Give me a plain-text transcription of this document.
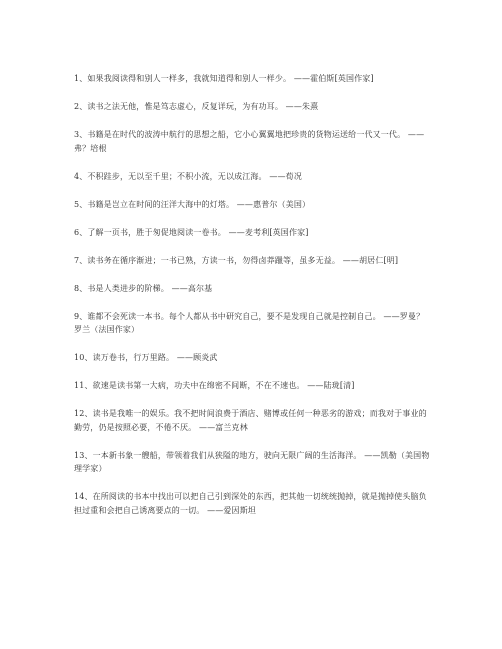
1、如果我阅读得和别人一样多，我就知道得和别人一样少。 ——霍伯斯[英国作家]

2、读书之法无他，惟是笃志虚心，反复详玩，为有功耳。 ——朱熹

3、书籍是在时代的波涛中航行的思想之船，它小心翼翼地把珍贵的货物运送给一代又一代。 ——弗？培根

4、不积跬步，无以至千里；不积小流，无以成江海。 ——荀况

5、书籍是岂立在时间的汪洋大海中的灯塔。 ——惠普尔（美国）

6、了解一页书，胜于匆促地阅读一卷书。 ——麦考利[英国作家]

7、读书务在循序渐进；一书已熟，方读一书，勿得卤莽躐等，虽多无益。 ——胡居仁[明]

8、书是人类进步的阶梯。 ——高尔基

9、谁都不会死读一本书。每个人都从书中研究自己，要不是发现自己就是控制自己。 ——罗曼？罗兰（法国作家）

10、读万卷书，行万里路。 ——顾炎武

11、欲速是读书第一大病，功夫中在绵密不间断，不在不速也。 ——陆珑[清]

12、读书是我唯一的娱乐。我不把时间浪费于酒店、赌博或任何一种恶劣的游戏；而我对于事业的勤劳，仍是按照必要，不倦不厌。 ——富兰克林

13、一本新书象一艘船，带领着我们从狭隘的地方，驶向无限广阔的生活海洋。 ——凯勒（美国物理学家）

14、在所阅读的书本中找出可以把自己引到深处的东西，把其他一切统统抛掉，就是抛掉使头脑负担过重和会把自己诱离要点的一切。 ——爱因斯坦
